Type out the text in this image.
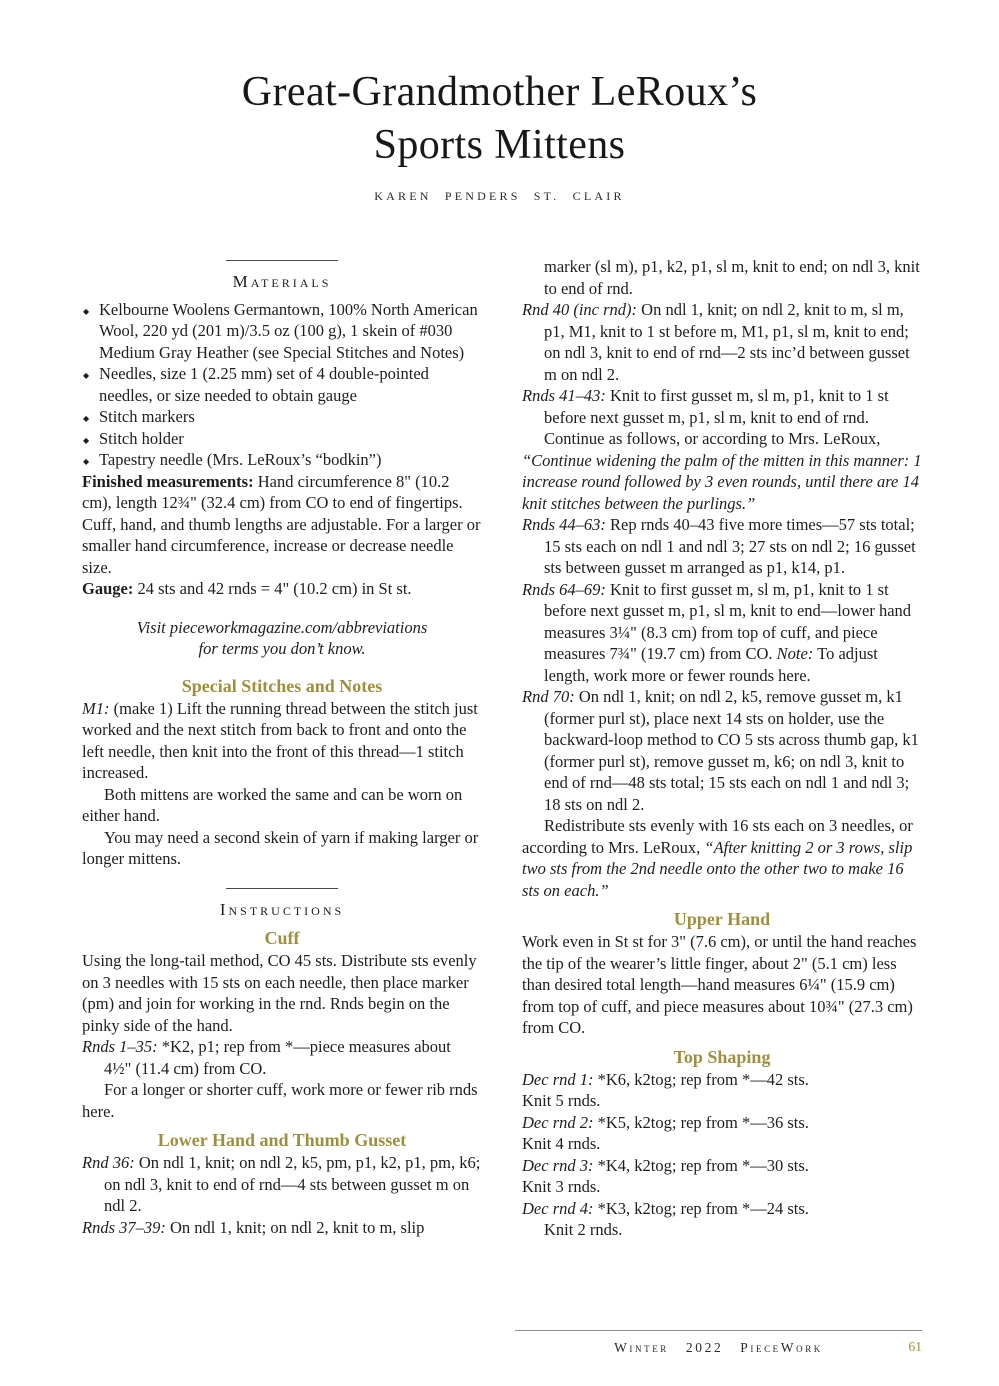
Great-Grandmother LeRoux’s
Sports Mittens
KAREN PENDERS ST. CLAIR
Materials
◆ Kelbourne Woolens Germantown, 100% North American Wool, 220 yd (201 m)/3.5 oz (100 g), 1 skein of #030 Medium Gray Heather (see Special Stitches and Notes)
◆ Needles, size 1 (2.25 mm) set of 4 double-pointed needles, or size needed to obtain gauge
◆ Stitch markers
◆ Stitch holder
◆ Tapestry needle (Mrs. LeRoux’s “bodkin”)

Finished measurements: Hand circumference 8" (10.2 cm), length 12¾" (32.4 cm) from CO to end of fingertips. Cuff, hand, and thumb lengths are adjustable. For a larger or smaller hand circumference, increase or decrease needle size.

Gauge: 24 sts and 42 rnds = 4" (10.2 cm) in St st.

Visit pieceworkmagazine.com/abbreviations
for terms you don’t know.
Special Stitches and Notes

M1: (make 1) Lift the running thread between the stitch just worked and the next stitch from back to front and onto the left needle, then knit into the front of this thread—1 stitch increased.

Both mittens are worked the same and can be worn on either hand.

You may need a second skein of yarn if making larger or longer mittens.

Instructions
Cuff

Using the long-tail method, CO 45 sts. Distribute sts evenly on 3 needles with 15 sts on each needle, then place marker (pm) and join for working in the rnd. Rnds begin on the pinky side of the hand.

Rnds 1–35: *K2, p1; rep from *—piece measures about 4½" (11.4 cm) from CO.

For a longer or shorter cuff, work more or fewer rib rnds here.

Lower Hand and Thumb Gusset

Rnd 36: On ndl 1, knit; on ndl 2, k5, pm, p1, k2, p1, pm, k6; on ndl 3, knit to end of rnd—4 sts between gusset m on ndl 2.

Rnds 37–39: On ndl 1, knit; on ndl 2, knit to m, slip

marker (sl m), p1, k2, p1, sl m, knit to end; on ndl 3, knit to end of rnd.

Rnd 40 (inc rnd): On ndl 1, knit; on ndl 2, knit to m, sl m, p1, M1, knit to 1 st before m, M1, p1, sl m, knit to end; on ndl 3, knit to end of rnd—2 sts inc’d between gusset m on ndl 2.

Rnds 41–43: Knit to first gusset m, sl m, p1, knit to 1 st before next gusset m, p1, sl m, knit to end of rnd. Continue as follows, or according to Mrs. LeRoux,

“Continue widening the palm of the mitten in this manner: 1 increase round followed by 3 even rounds, until there are 14 knit stitches between the purlings.”

Rnds 44–63: Rep rnds 40–43 five more times—57 sts total; 15 sts each on ndl 1 and ndl 3; 27 sts on ndl 2; 16 gusset sts between gusset m arranged as p1, k14, p1.

Rnds 64–69: Knit to first gusset m, sl m, p1, knit to 1 st before next gusset m, p1, sl m, knit to end—lower hand measures 3¼" (8.3 cm) from top of cuff, and piece measures 7¾" (19.7 cm) from CO. Note: To adjust length, work more or fewer rounds here.

Rnd 70: On ndl 1, knit; on ndl 2, k5, remove gusset m, k1 (former purl st), place next 14 sts on holder, use the backward-loop method to CO 5 sts across thumb gap, k1 (former purl st), remove gusset m, k6; on ndl 3, knit to end of rnd—48 sts total; 15 sts each on ndl 1 and ndl 3; 18 sts on ndl 2.

Redistribute sts evenly with 16 sts each on 3 needles, or according to Mrs. LeRoux, “After knitting 2 or 3 rows, slip two sts from the 2nd needle onto the other two to make 16 sts on each.”

Upper Hand

Work even in St st for 3" (7.6 cm), or until the hand reaches the tip of the wearer’s little finger, about 2" (5.1 cm) less than desired total length—hand measures 6¼" (15.9 cm) from top of cuff, and piece measures about 10¾" (27.3 cm) from CO.

Top Shaping

Dec rnd 1: *K6, k2tog; rep from *—42 sts.

Knit 5 rnds.

Dec rnd 2: *K5, k2tog; rep from *—36 sts.

Knit 4 rnds.

Dec rnd 3: *K4, k2tog; rep from *—30 sts.

Knit 3 rnds.

Dec rnd 4: *K3, k2tog; rep from *—24 sts.

Knit 2 rnds.

Winter 2022 PieceWork	61
